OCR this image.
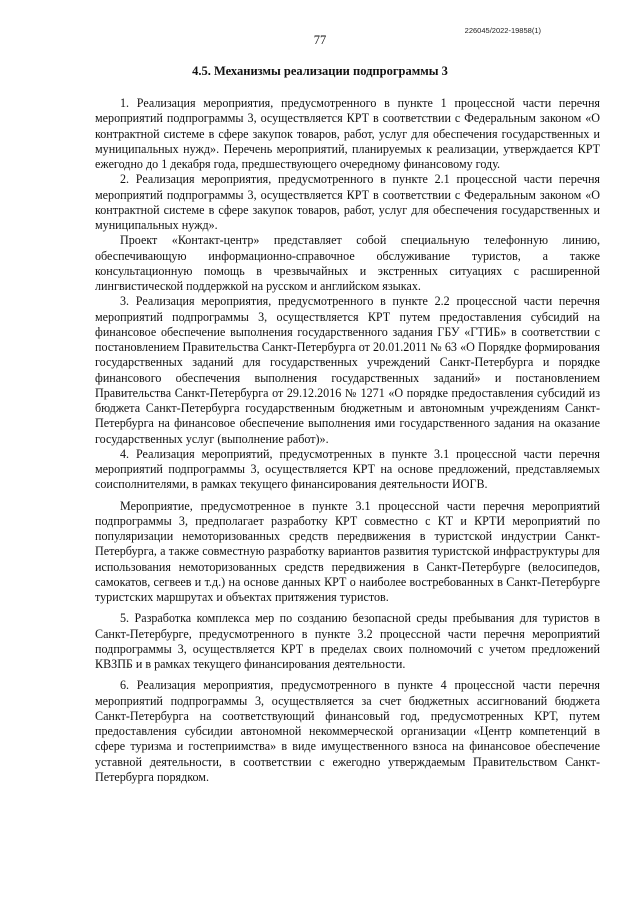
226045/2022-19858(1)
77
4.5. Механизмы реализации подпрограммы 3

1. Реализация мероприятия, предусмотренного в пункте 1 процессной части перечня мероприятий подпрограммы 3, осуществляется КРТ в соответствии с Федеральным законом «О контрактной системе в сфере закупок товаров, работ, услуг для обеспечения государственных и муниципальных нужд». Перечень мероприятий, планируемых к реализации, утверждается КРТ ежегодно до 1 декабря года, предшествующего очередному финансовому году.

2. Реализация мероприятия, предусмотренного в пункте 2.1 процессной части перечня мероприятий подпрограммы 3, осуществляется КРТ в соответствии с Федеральным законом «О контрактной системе в сфере закупок товаров, работ, услуг для обеспечения государственных и муниципальных нужд».

Проект «Контакт-центр» представляет собой специальную телефонную линию, обеспечивающую информационно-справочное обслуживание туристов, а также консультационную помощь в чрезвычайных и экстренных ситуациях с расширенной лингвистической поддержкой на русском и английском языках.

3. Реализация мероприятия, предусмотренного в пункте 2.2 процессной части перечня мероприятий подпрограммы 3, осуществляется КРТ путем предоставления субсидий на финансовое обеспечение выполнения государственного задания ГБУ «ГТИБ» в соответствии с постановлением Правительства Санкт-Петербурга от 20.01.2011 № 63 «О Порядке формирования государственных заданий для государственных учреждений Санкт-Петербурга и порядке финансового обеспечения выполнения государственных заданий» и постановлением Правительства Санкт-Петербурга от 29.12.2016 № 1271 «О порядке предоставления субсидий из бюджета Санкт-Петербурга государственным бюджетным и автономным учреждениям Санкт-Петербурга на финансовое обеспечение выполнения ими государственного задания на оказание государственных услуг (выполнение работ)».

4. Реализация мероприятий, предусмотренных в пункте 3.1 процессной части перечня мероприятий подпрограммы 3, осуществляется КРТ на основе предложений, представляемых соисполнителями, в рамках текущего финансирования деятельности ИОГВ.

Мероприятие, предусмотренное в пункте 3.1 процессной части перечня мероприятий подпрограммы 3, предполагает разработку КРТ совместно с КТ и КРТИ мероприятий по популяризации немоторизованных средств передвижения в туристской индустрии Санкт-Петербурга, а также совместную разработку вариантов развития туристской инфраструктуры для использования немоторизованных средств передвижения в Санкт-Петербурге (велосипедов, самокатов, сегвеев и т.д.) на основе данных КРТ о наиболее востребованных в Санкт-Петербурге туристских маршрутах и объектах притяжения туристов.

5. Разработка комплекса мер по созданию безопасной среды пребывания для туристов в Санкт-Петербурге, предусмотренного в пункте 3.2 процессной части перечня мероприятий подпрограммы 3, осуществляется КРТ в пределах своих полномочий с учетом предложений КВЗПБ и в рамках текущего финансирования деятельности.

6. Реализация мероприятия, предусмотренного в пункте 4 процессной части перечня мероприятий подпрограммы 3, осуществляется за счет бюджетных ассигнований бюджета Санкт-Петербурга на соответствующий финансовый год, предусмотренных КРТ, путем предоставления субсидии автономной некоммерческой организации «Центр компетенций в сфере туризма и гостеприимства» в виде имущественного взноса на финансовое обеспечение уставной деятельности, в соответствии с ежегодно утверждаемым Правительством Санкт-Петербурга порядком.
